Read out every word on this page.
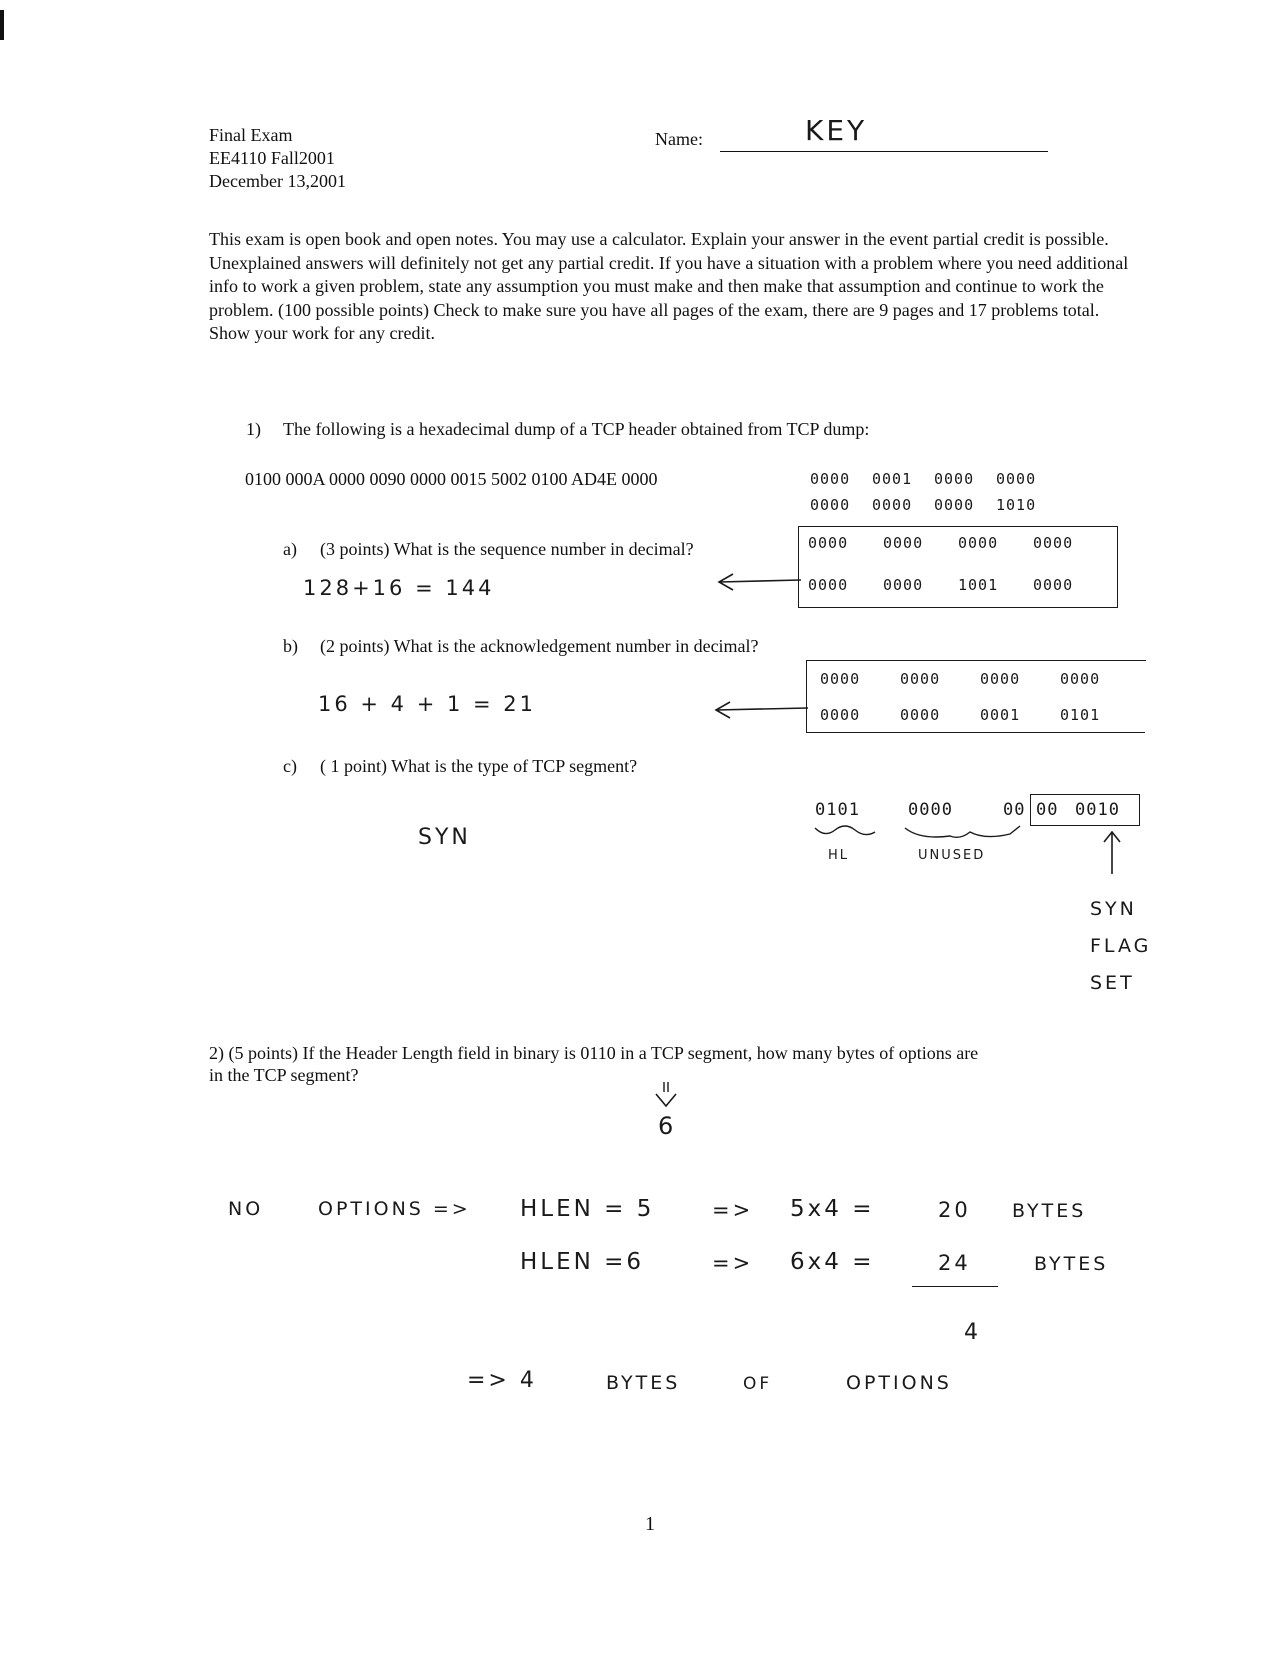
Final Exam
EE4110 Fall2001
December 13,2001
Name:	KEY
This exam is open book and open notes. You may use a calculator. Explain your answer in the event partial credit is possible. Unexplained answers will definitely not get any partial credit. If you have a situation with a problem where you need additional info to work a given problem, state any assumption you must make and then make that assumption and continue to work the problem. (100 possible points) Check to make sure you have all pages of the exam, there are 9 pages and 17 problems total. Show your work for any credit.
1) The following is a hexadecimal dump of a TCP header obtained from TCP dump:
0100 000A 0000 0090 0000 0015 5002 0100 AD4E 0000	0000 0001 0000 0000
0000 0000 0000 1010
a) (3 points) What is the sequence number in decimal?
128+16 = 144
0000 0000 0000 0000
0000 0000 1001 0000
b) (2 points) What is the acknowledgement number in decimal?
16 + 4 + 1 = 21
0000	0000	0000	0000
0000	0000	0001	0101
c) ( 1 point) What is the type of TCP segment?
SYN
0101	0000	00 00 0010
HL	UNUSED
SYN
FLAG
SET
2) (5 points) If the Header Length field in binary is 0110 in a TCP segment, how many bytes of options are
in the TCP segment?
6
NO	OPTIONS => HLEN = 5	=> 5x4 =	20 BYTES
HLEN =6	=> 6x4 =	24	BYTES
4
=> 4	BYTES	OF	OPTIONS
1
